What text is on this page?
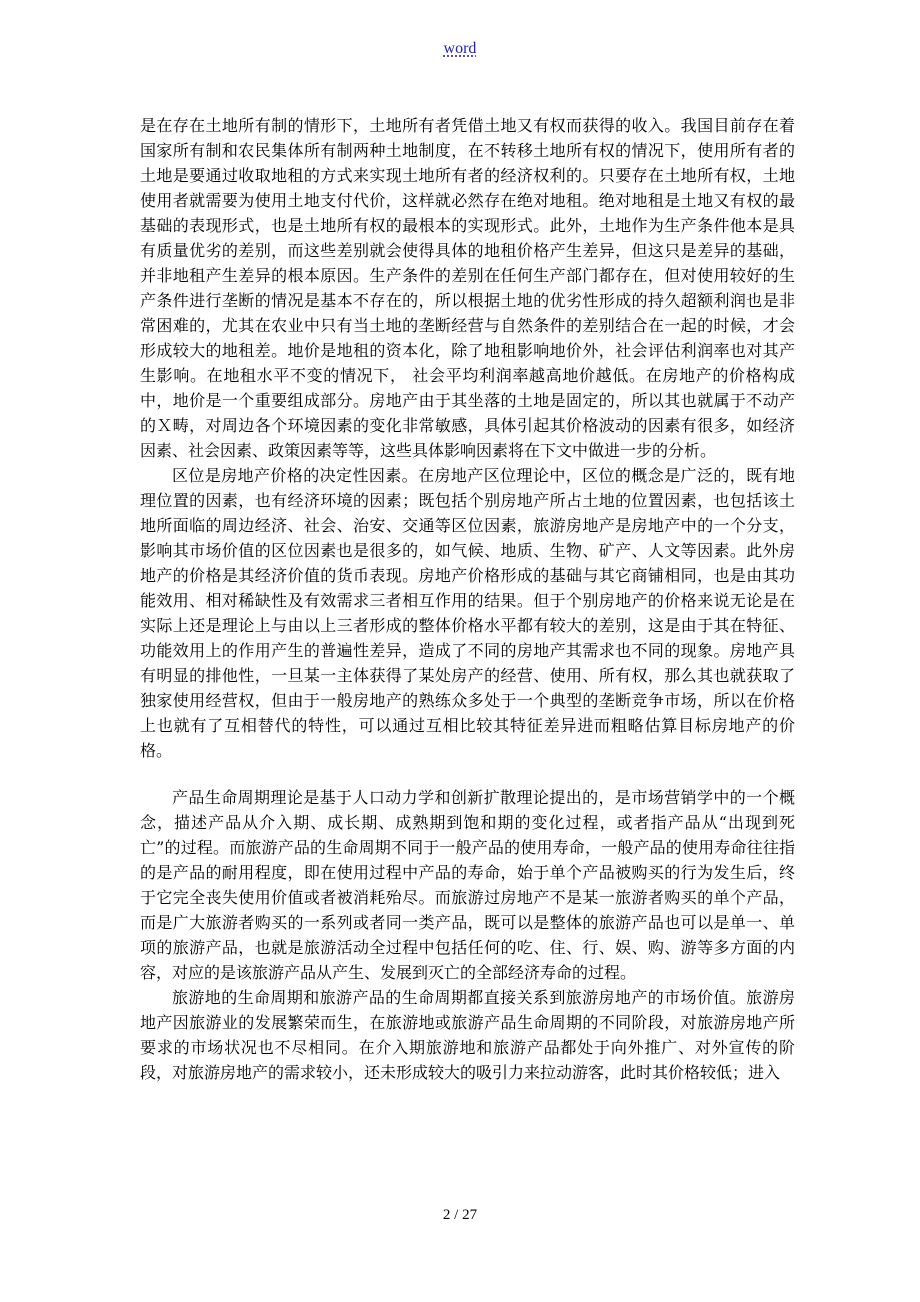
word

是在存在土地所有制的情形下，土地所有者凭借土地又有权而获得的收入。我国目前存在着国家所有制和农民集体所有制两种土地制度，在不转移土地所有权的情况下，使用所有者的土地是要通过收取地租的方式来实现土地所有者的经济权利的。只要存在土地所有权，土地使用者就需要为使用土地支付代价，这样就必然存在绝对地租。绝对地租是土地又有权的最基础的表现形式，也是土地所有权的最根本的实现形式。此外，土地作为生产条件他本是具有质量优劣的差别，而这些差别就会使得具体的地租价格产生差异，但这只是差异的基础，并非地租产生差异的根本原因。生产条件的差别在任何生产部门都存在，但对使用较好的生产条件进行垄断的情况是基本不存在的，所以根据土地的优劣性形成的持久超额利润也是非常困难的，尤其在农业中只有当土地的垄断经营与自然条件的差别结合在一起的时候，才会形成较大的地租差。地价是地租的资本化，除了地租影响地价外，社会评估利润率也对其产生影响。在地租水平不变的情况下， 社会平均利润率越高地价越低。在房地产的价格构成中，地价是一个重要组成部分。房地产由于其坐落的土地是固定的，所以其也就属于不动产的Ｘ畴，对周边各个环境因素的变化非常敏感，具体引起其价格波动的因素有很多，如经济因素、社会因素、政策因素等等，这些具体影响因素将在下文中做进一步的分析。

区位是房地产价格的决定性因素。在房地产区位理论中，区位的概念是广泛的，既有地理位置的因素，也有经济环境的因素；既包括个别房地产所占土地的位置因素，也包括该土地所面临的周边经济、社会、治安、交通等区位因素，旅游房地产是房地产中的一个分支，影响其市场价值的区位因素也是很多的，如气候、地质、生物、矿产、人文等因素。此外房地产的价格是其经济价值的货币表现。房地产价格形成的基础与其它商铺相同，也是由其功能效用、相对稀缺性及有效需求三者相互作用的结果。但于个别房地产的价格来说无论是在实际上还是理论上与由以上三者形成的整体价格水平都有较大的差别，这是由于其在特征、功能效用上的作用产生的普遍性差异，造成了不同的房地产其需求也不同的现象。房地产具有明显的排他性，一旦某一主体获得了某处房产的经营、使用、所有权，那么其也就获取了独家使用经营权，但由于一般房地产的熟练众多处于一个典型的垄断竞争市场，所以在价格上也就有了互相替代的特性，可以通过互相比较其特征差异进而粗略估算目标房地产的价格。

产品生命周期理论是基于人口动力学和创新扩散理论提出的，是市场营销学中的一个概念，描述产品从介入期、成长期、成熟期到饱和期的变化过程，或者指产品从“出现到死亡”的过程。而旅游产品的生命周期不同于一般产品的使用寿命，一般产品的使用寿命往往指的是产品的耐用程度，即在使用过程中产品的寿命，始于单个产品被购买的行为发生后，终于它完全丧失使用价值或者被消耗殆尽。而旅游过房地产不是某一旅游者购买的单个产品，而是广大旅游者购买的一系列或者同一类产品，既可以是整体的旅游产品也可以是单一、单项的旅游产品，也就是旅游活动全过程中包括任何的吃、住、行、娱、购、游等多方面的内容，对应的是该旅游产品从产生、发展到灭亡的全部经济寿命的过程。

旅游地的生命周期和旅游产品的生命周期都直接关系到旅游房地产的市场价值。旅游房地产因旅游业的发展繁荣而生，在旅游地或旅游产品生命周期的不同阶段，对旅游房地产所要求的市场状况也不尽相同。在介入期旅游地和旅游产品都处于向外推广、对外宣传的阶段，对旅游房地产的需求较小，还未形成较大的吸引力来拉动游客，此时其价格较低；进入

2 / 27
